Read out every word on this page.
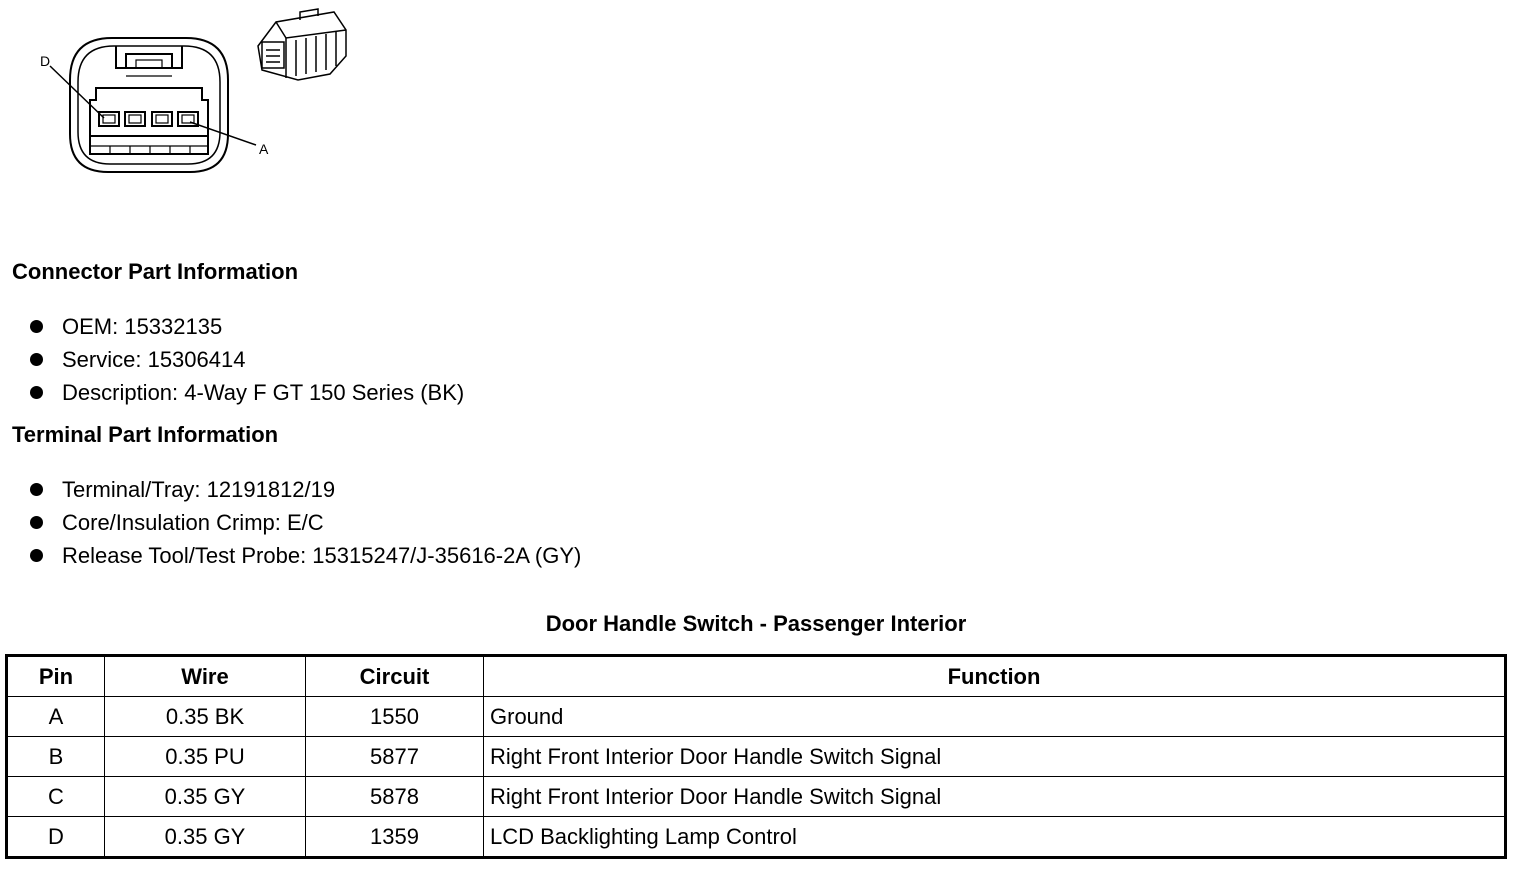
D
A
Connector Part Information
OEM: 15332135
Service: 15306414
Description: 4-Way F GT 150 Series (BK)
Terminal Part Information
Terminal/Tray: 12191812/19
Core/Insulation Crimp: E/C
Release Tool/Test Probe: 15315247/J-35616-2A (GY)
Door Handle Switch - Passenger Interior
Pin	Wire	Circuit	Function
A	0.35 BK	1550	Ground
B	0.35 PU	5877	Right Front Interior Door Handle Switch Signal
C	0.35 GY	5878	Right Front Interior Door Handle Switch Signal
D	0.35 GY	1359	LCD Backlighting Lamp Control
